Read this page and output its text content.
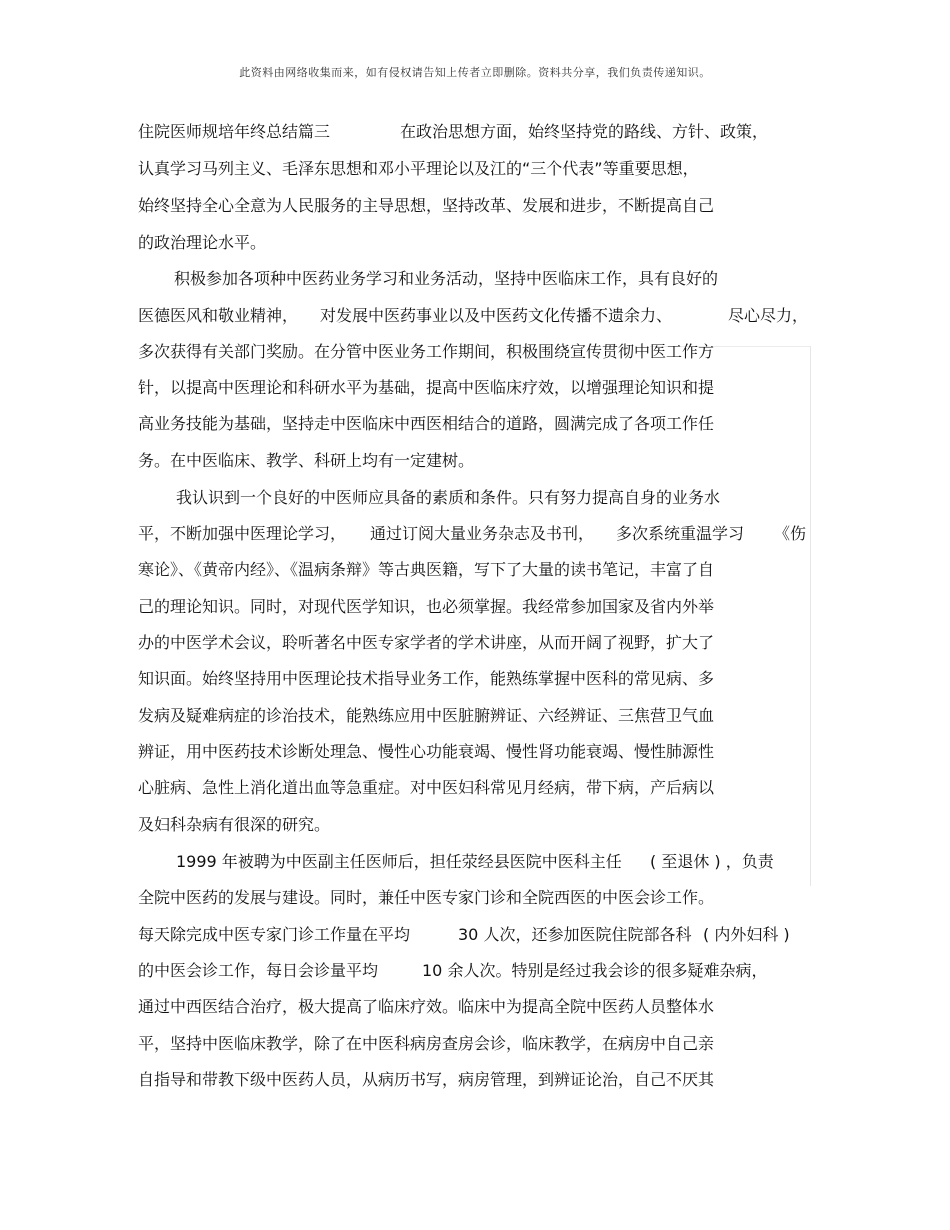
此资料由网络收集而来，如有侵权请告知上传者立即删除。资料共分享，我们负责传递知识。
住院医师规培年终总结篇三	在政治思想方面，始终坚持党的路线、方针、政策，
认真学习马列主义、毛泽东思想和邓小平理论以及江的“三个代表”等重要思想，
始终坚持全心全意为人民服务的主导思想，坚持改革、发展和进步，不断提高自己
的政治理论水平。
积极参加各项种中医药业务学习和业务活动，坚持中医临床工作，具有良好的
医德医风和敬业精神， 对发展中医药事业以及中医药文化传播不遗余力、	尽心尽力，
多次获得有关部门奖励。在分管中医业务工作期间，积极围绕宣传贯彻中医工作方
针，以提高中医理论和科研水平为基础，提高中医临床疗效，以增强理论知识和提
高业务技能为基础，坚持走中医临床中西医相结合的道路，圆满完成了各项工作任
务。在中医临床、教学、科研上均有一定建树。
我认识到一个良好的中医师应具备的素质和条件。只有努力提高自身的业务水
平，不断加强中医理论学习， 通过订阅大量业务杂志及书刊， 多次系统重温学习 《伤
寒论》、《黄帝内经》、《温病条辩》等古典医籍，写下了大量的读书笔记，丰富了自
己的理论知识。同时，对现代医学知识，也必须掌握。我经常参加国家及省内外举
办的中医学术会议，聆听著名中医专家学者的学术讲座，从而开阔了视野，扩大了
知识面。始终坚持用中医理论技术指导业务工作，能熟练掌握中医科的常见病、多
发病及疑难病症的诊治技术，能熟练应用中医脏腑辨证、六经辨证、三焦营卫气血
辨证，用中医药技术诊断处理急、慢性心功能衰竭、慢性肾功能衰竭、慢性肺源性
心脏病、急性上消化道出血等急重症。对中医妇科常见月经病，带下病，产后病以
及妇科杂病有很深的研究。
1999 年被聘为中医副主任医师后，担任荥经县医院中医科主任 ( 至退休 ) ，负责
全院中医药的发展与建设。同时，兼任中医专家门诊和全院西医的中医会诊工作。
每天除完成中医专家门诊工作量在平均	30 人次，还参加医院住院部各科 ( 内外妇科 )
的中医会诊工作，每日会诊量平均	10 余人次。特别是经过我会诊的很多疑难杂病，
通过中西医结合治疗，极大提高了临床疗效。临床中为提高全院中医药人员整体水
平，坚持中医临床教学，除了在中医科病房查房会诊，临床教学，在病房中自己亲
自指导和带教下级中医药人员，从病历书写，病房管理，到辨证论治，自己不厌其
